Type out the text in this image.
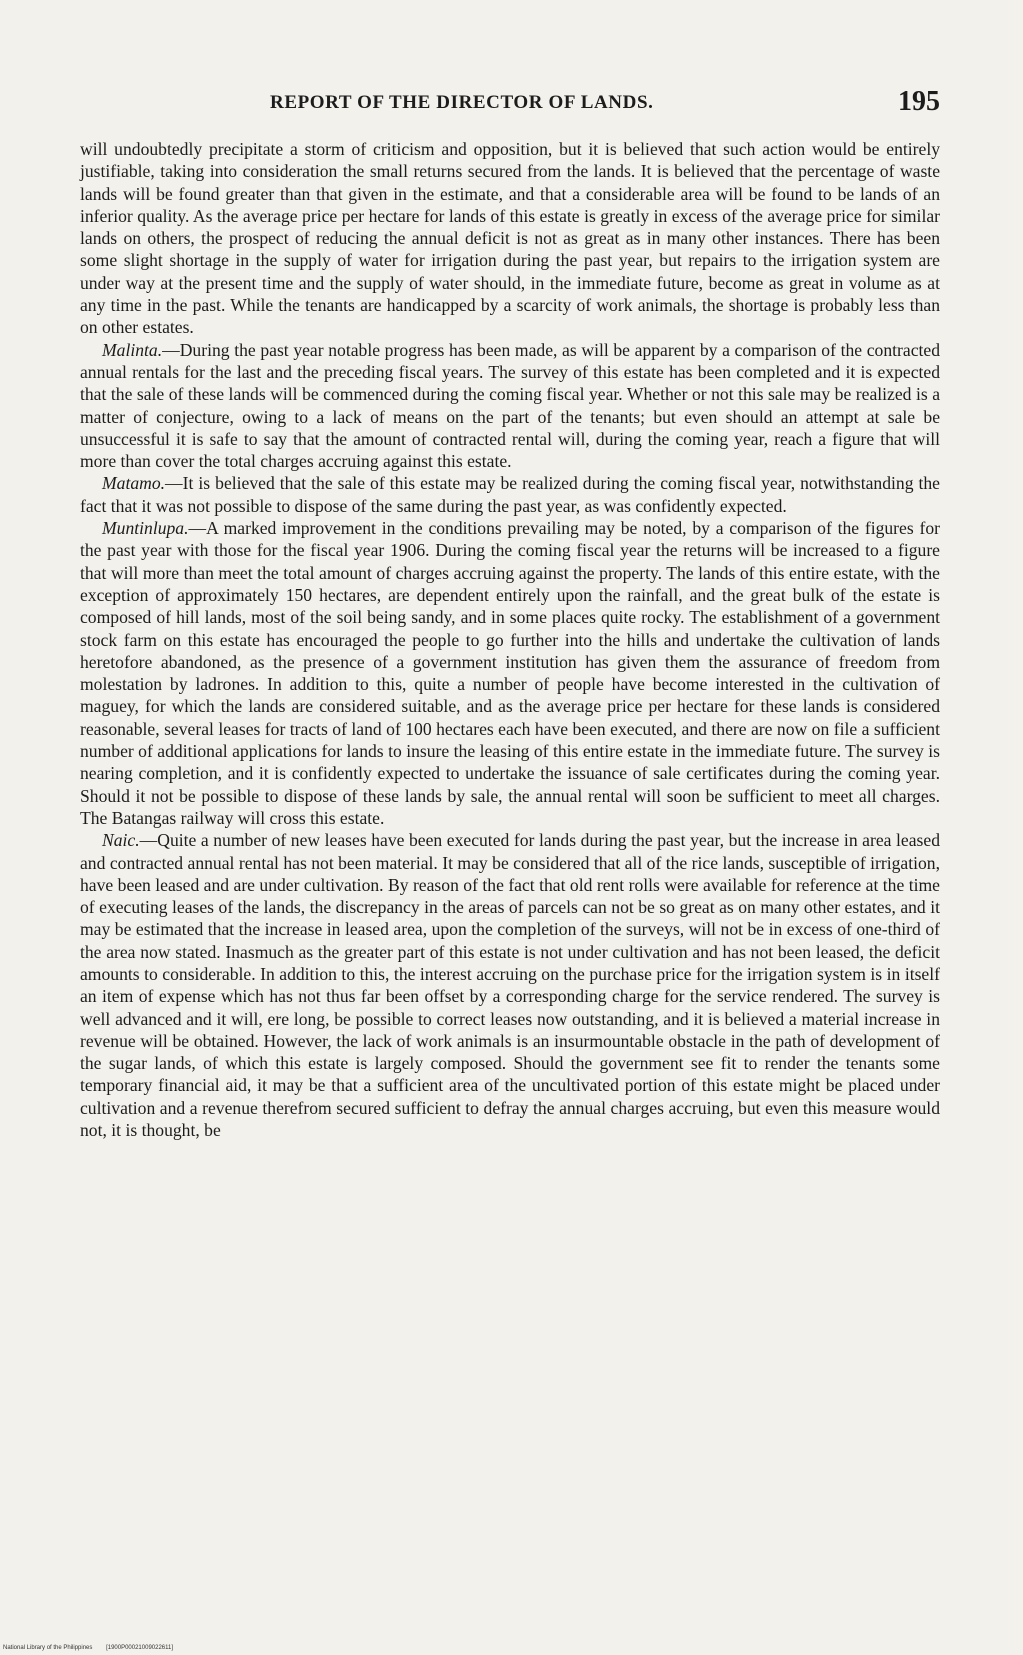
REPORT OF THE DIRECTOR OF LANDS.	195

will undoubtedly precipitate a storm of criticism and opposition, but it is believed that such action would be entirely justifiable, taking into consideration the small returns secured from the lands. It is believed that the percentage of waste lands will be found greater than that given in the estimate, and that a considerable area will be found to be lands of an inferior quality. As the average price per hectare for lands of this estate is greatly in excess of the average price for similar lands on others, the prospect of reducing the annual deficit is not as great as in many other instances. There has been some slight shortage in the supply of water for irrigation during the past year, but repairs to the irrigation system are under way at the present time and the supply of water should, in the immediate future, become as great in volume as at any time in the past. While the tenants are handicapped by a scarcity of work animals, the shortage is probably less than on other estates.

Malinta.—During the past year notable progress has been made, as will be apparent by a comparison of the contracted annual rentals for the last and the preceding fiscal years. The survey of this estate has been completed and it is expected that the sale of these lands will be commenced during the coming fiscal year. Whether or not this sale may be realized is a matter of conjecture, owing to a lack of means on the part of the tenants; but even should an attempt at sale be unsuccessful it is safe to say that the amount of contracted rental will, during the coming year, reach a figure that will more than cover the total charges accruing against this estate.

Matamo.—It is believed that the sale of this estate may be realized during the coming fiscal year, notwithstanding the fact that it was not possible to dispose of the same during the past year, as was confidently expected.

Muntinlupa.—A marked improvement in the conditions prevailing may be noted, by a comparison of the figures for the past year with those for the fiscal year 1906. During the coming fiscal year the returns will be increased to a figure that will more than meet the total amount of charges accruing against the property. The lands of this entire estate, with the exception of approximately 150 hectares, are dependent entirely upon the rainfall, and the great bulk of the estate is composed of hill lands, most of the soil being sandy, and in some places quite rocky. The establishment of a government stock farm on this estate has encouraged the people to go further into the hills and undertake the cultivation of lands heretofore abandoned, as the presence of a government institution has given them the assurance of freedom from molestation by ladrones. In addition to this, quite a number of people have become interested in the cultivation of maguey, for which the lands are considered suitable, and as the average price per hectare for these lands is considered reasonable, several leases for tracts of land of 100 hectares each have been executed, and there are now on file a sufficient number of additional applications for lands to insure the leasing of this entire estate in the immediate future. The survey is nearing completion, and it is confidently expected to undertake the issuance of sale certificates during the coming year. Should it not be possible to dispose of these lands by sale, the annual rental will soon be sufficient to meet all charges. The Batangas railway will cross this estate.

Naic.—Quite a number of new leases have been executed for lands during the past year, but the increase in area leased and contracted annual rental has not been material. It may be considered that all of the rice lands, susceptible of irrigation, have been leased and are under cultivation. By reason of the fact that old rent rolls were available for reference at the time of executing leases of the lands, the discrepancy in the areas of parcels can not be so great as on many other estates, and it may be estimated that the increase in leased area, upon the completion of the surveys, will not be in excess of one-third of the area now stated. Inasmuch as the greater part of this estate is not under cultivation and has not been leased, the deficit amounts to considerable. In addition to this, the interest accruing on the purchase price for the irrigation system is in itself an item of expense which has not thus far been offset by a corresponding charge for the service rendered. The survey is well advanced and it will, ere long, be possible to correct leases now outstanding, and it is believed a material increase in revenue will be obtained. However, the lack of work animals is an insurmountable obstacle in the path of development of the sugar lands, of which this estate is largely composed. Should the government see fit to render the tenants some temporary financial aid, it may be that a sufficient area of the uncultivated portion of this estate might be placed under cultivation and a revenue therefrom secured sufficient to defray the annual charges accruing, but even this measure would not, it is thought, be

National Library of the Philippines [1900P00021009022611]
